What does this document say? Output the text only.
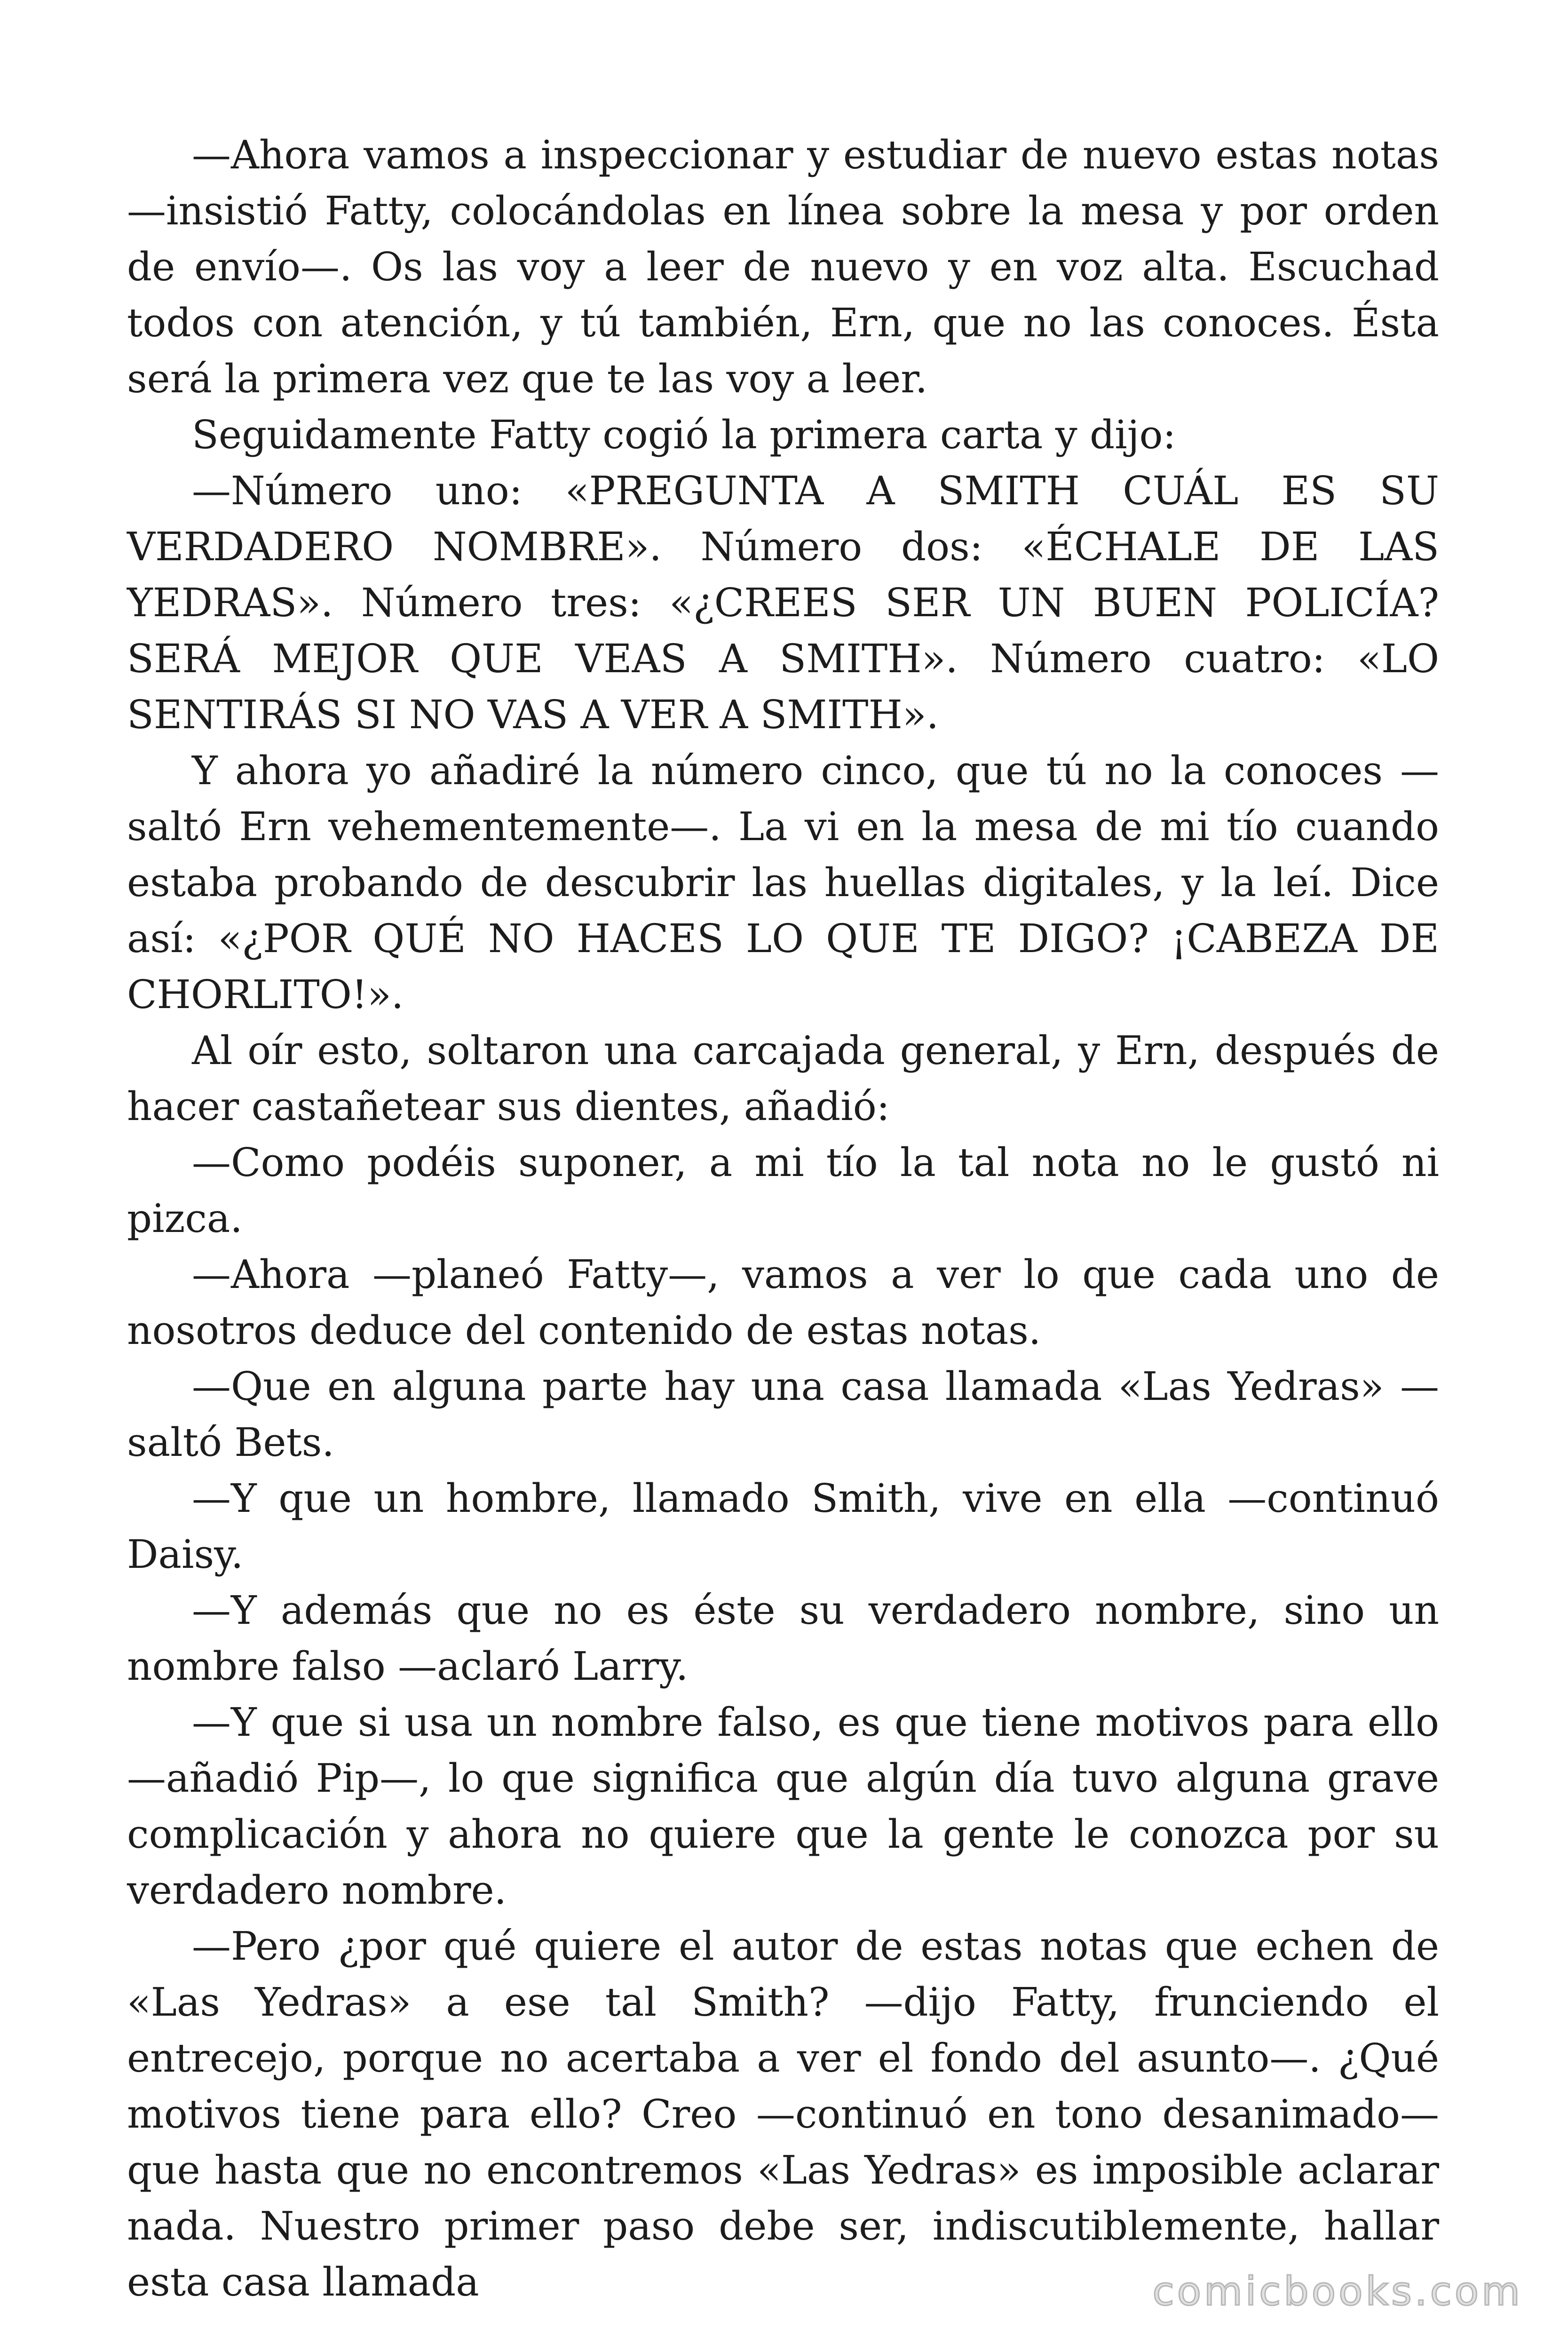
—Ahora vamos a inspeccionar y estudiar de nuevo estas notas —insistió Fatty, colocándolas en línea sobre la mesa y por orden de envío—. Os las voy a leer de nuevo y en voz alta. Escuchad todos con atención, y tú también, Ern, que no las conoces. Ésta será la primera vez que te las voy a leer.

Seguidamente Fatty cogió la primera carta y dijo:

—Número uno: «PREGUNTA A SMITH CUÁL ES SU VERDADERO NOMBRE». Número dos: «ÉCHALE DE LAS YEDRAS». Número tres: «¿CREES SER UN BUEN POLICÍA? SERÁ MEJOR QUE VEAS A SMITH». Número cuatro: «LO SENTIRÁS SI NO VAS A VER A SMITH».

Y ahora yo añadiré la número cinco, que tú no la conoces —saltó Ern vehementemente—. La vi en la mesa de mi tío cuando estaba probando de descubrir las huellas digitales, y la leí. Dice así: «¿POR QUÉ NO HACES LO QUE TE DIGO? ¡CABEZA DE CHORLITO!».

Al oír esto, soltaron una carcajada general, y Ern, después de hacer castañetear sus dientes, añadió:

—Como podéis suponer, a mi tío la tal nota no le gustó ni pizca.

—Ahora —planeó Fatty—, vamos a ver lo que cada uno de nosotros deduce del contenido de estas notas.

—Que en alguna parte hay una casa llamada «Las Yedras» —saltó Bets.

—Y que un hombre, llamado Smith, vive en ella —continuó Daisy.

—Y además que no es éste su verdadero nombre, sino un nombre falso —aclaró Larry.

—Y que si usa un nombre falso, es que tiene motivos para ello —añadió Pip—, lo que significa que algún día tuvo alguna grave complicación y ahora no quiere que la gente le conozca por su verdadero nombre.

—Pero ¿por qué quiere el autor de estas notas que echen de «Las Yedras» a ese tal Smith? —dijo Fatty, frunciendo el entrecejo, porque no acertaba a ver el fondo del asunto—. ¿Qué motivos tiene para ello? Creo —continuó en tono desanimado— que hasta que no encontremos «Las Yedras» es imposible aclarar nada. Nuestro primer paso debe ser, indiscutiblemente, hallar esta casa llamada	comicbooks.com
